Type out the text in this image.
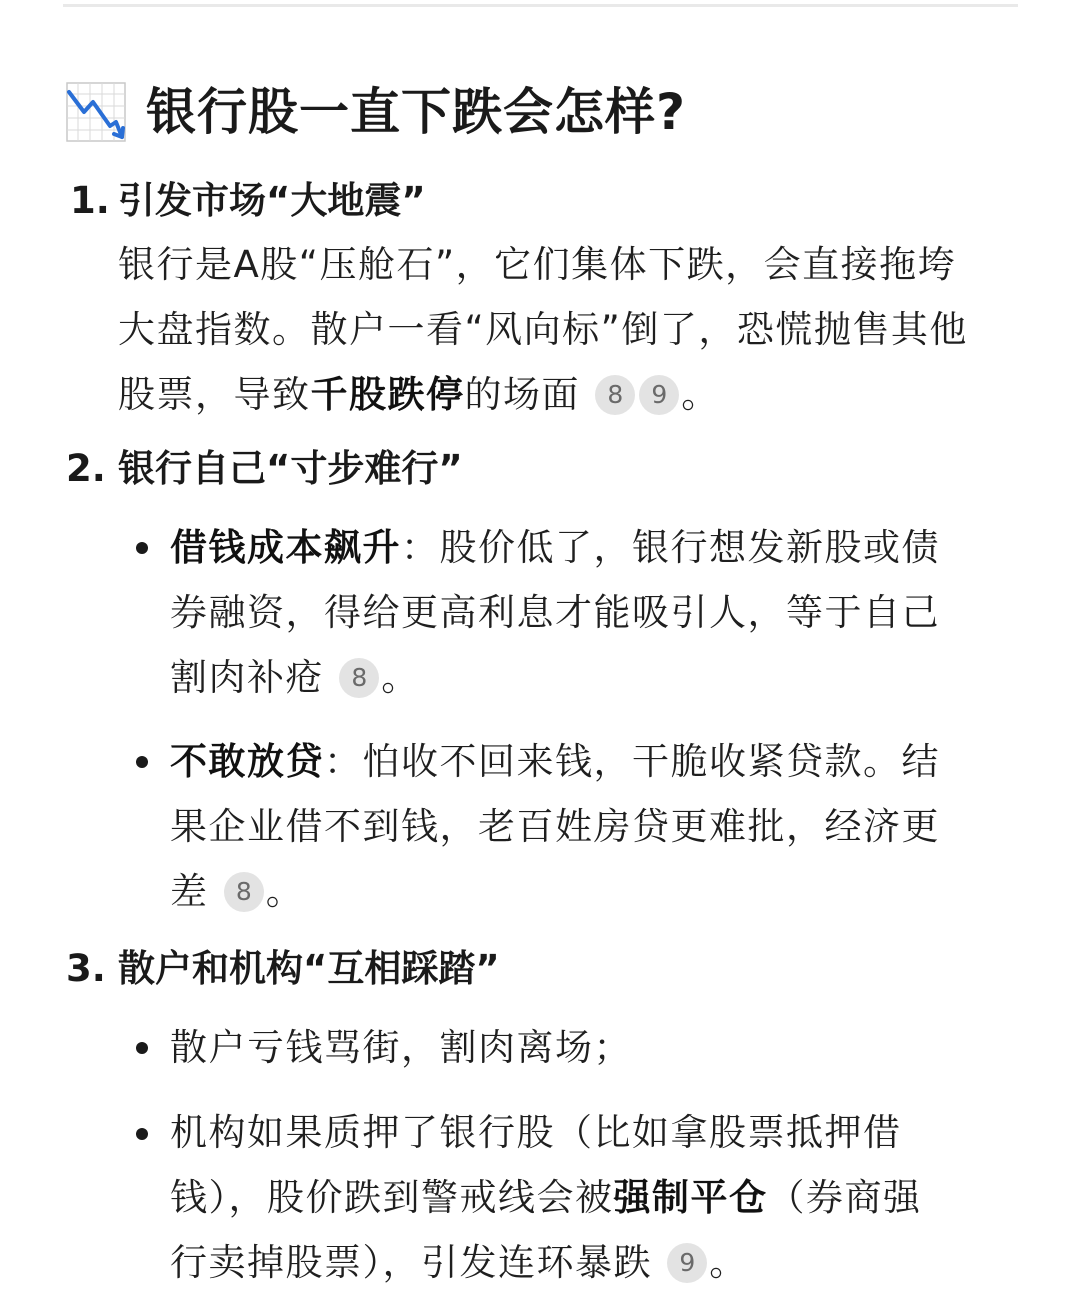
银行股一直下跌会怎样?
1. 引发市场“大地震”
银行是A股“压舱石”，它们集体下跌，会直接拖垮
大盘指数。散户一看“风向标”倒了，恐慌抛售其他
股票，导致千股跌停的场面 8 9 。
2. 银行自己“寸步难行”
借钱成本飙升：股价低了，银行想发新股或债
券融资，得给更高利息才能吸引人，等于自己
割肉补疮 8 。
不敢放贷：怕收不回来钱，干脆收紧贷款。结
果企业借不到钱，老百姓房贷更难批，经济更
差 8 。
3. 散户和机构“互相踩踏”
散户亏钱骂街，割肉离场；
机构如果质押了银行股（比如拿股票抵押借
钱），股价跌到警戒线会被强制平仓（券商强
行卖掉股票），引发连环暴跌 9 。
